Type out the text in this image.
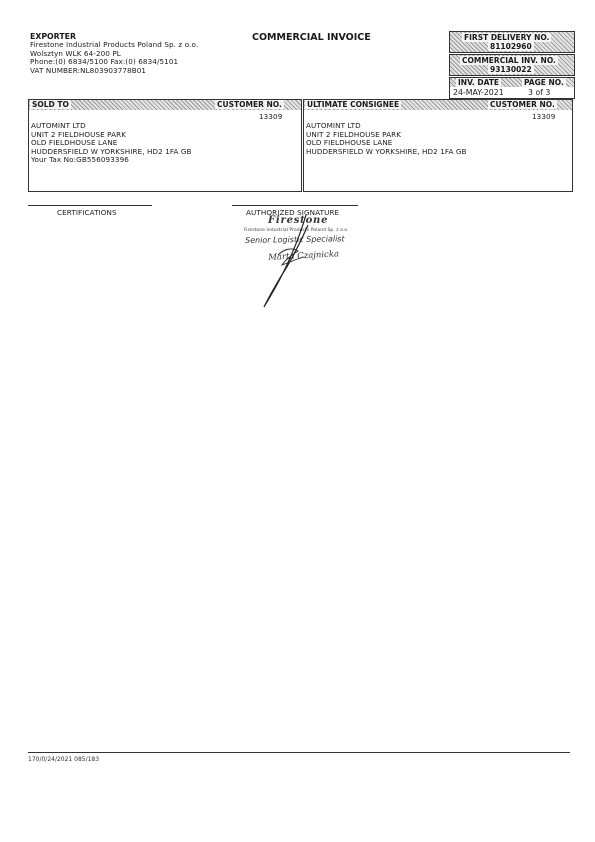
EXPORTER
Firestone Industrial Products Poland Sp. z o.o.
Wolsztyn WLK 64-200 PL
Phone:(0) 6834/5100 Fax:(0) 6834/5101
VAT NUMBER:NL803903778B01
COMMERCIAL INVOICE	FIRST DELIVERY NO.
81102960
COMMERCIAL INV. NO.
93130022
INV. DATE	PAGE NO.
24-MAY-2021	3 of 3
SOLD TO	CUSTOMER NO.
13309
AUTOMINT LTD
UNIT 2 FIELDHOUSE PARK
OLD FIELDHOUSE LANE
HUDDERSFIELD W YORKSHIRE, HD2 1FA GB
Your Tax No:GB556093396
ULTIMATE CONSIGNEE	CUSTOMER NO.
13309
AUTOMINT LTD
UNIT 2 FIELDHOUSE PARK
OLD FIELDHOUSE LANE
HUDDERSFIELD W YORKSHIRE, HD2 1FA GB
CERTIFICATIONS	AUTHORIZED SIGNATURE
Firestone
Firestone Industrial Products Poland Sp. z o.o.
Senior Logistic Specialist
Marta Czajnicka
170/0/24/2021 085/183
